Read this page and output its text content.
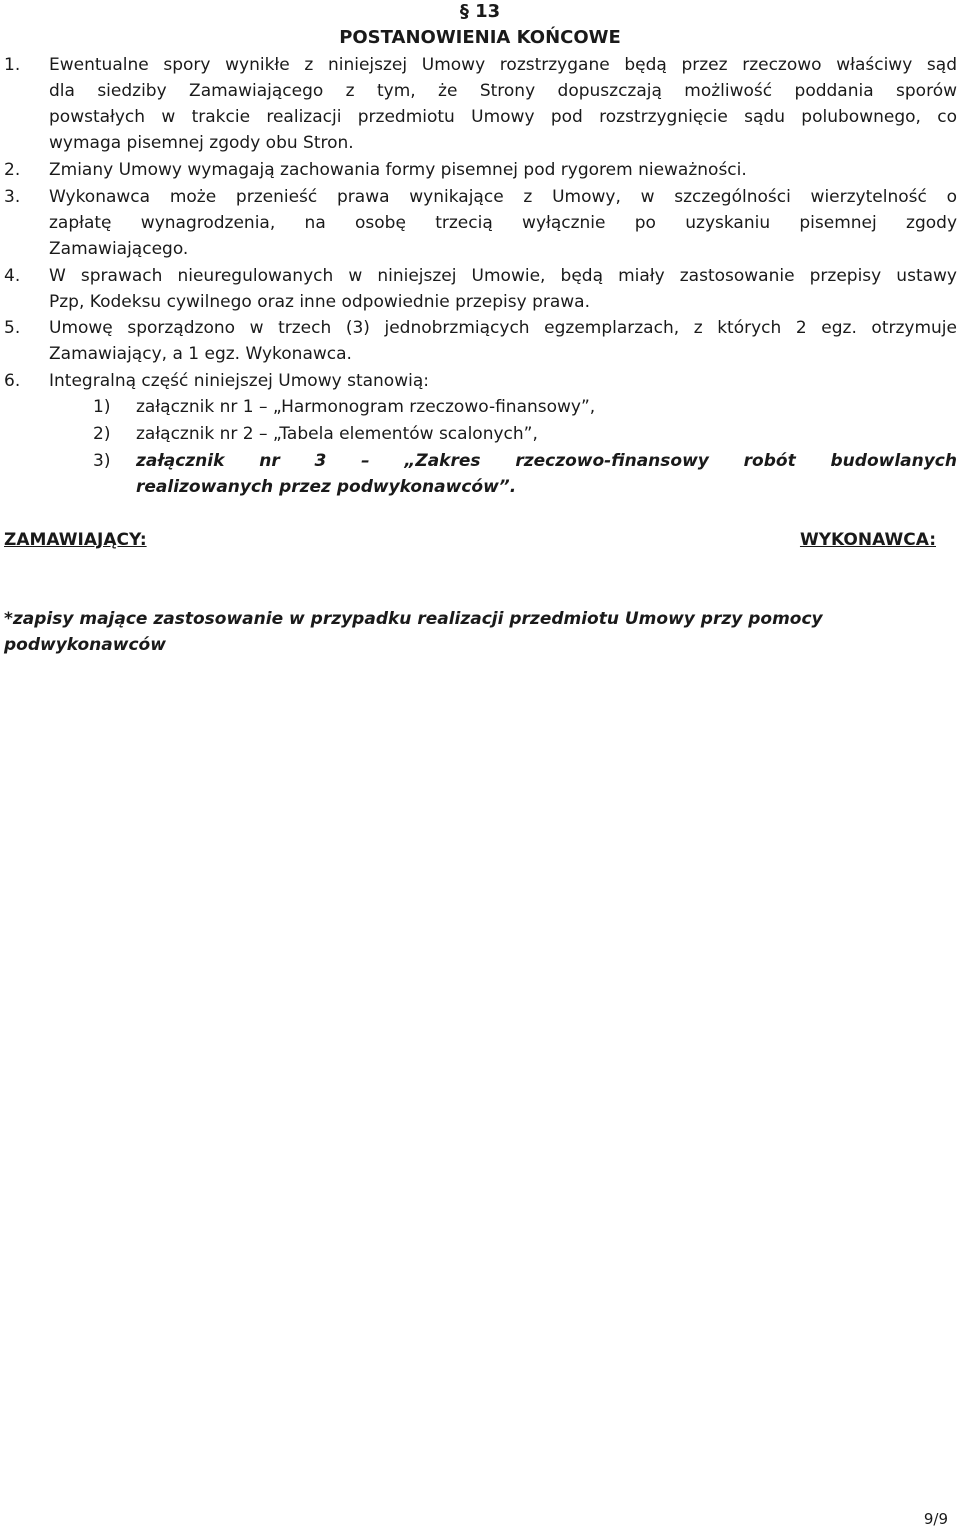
§ 13
POSTANOWIENIA KOŃCOWE
1. Ewentualne spory wynikłe z niniejszej Umowy rozstrzygane będą przez rzeczowo właściwy sąd
dla siedziby Zamawiającego z tym, że Strony dopuszczają możliwość poddania sporów
powstałych w trakcie realizacji przedmiotu Umowy pod rozstrzygnięcie sądu polubownego, co
wymaga pisemnej zgody obu Stron.
2. Zmiany Umowy wymagają zachowania formy pisemnej pod rygorem nieważności.
3. Wykonawca może przenieść prawa wynikające z Umowy, w szczególności wierzytelność o
zapłatę wynagrodzenia, na osobę trzecią wyłącznie po uzyskaniu pisemnej zgody
Zamawiającego.
4. W sprawach nieuregulowanych w niniejszej Umowie, będą miały zastosowanie przepisy ustawy
Pzp, Kodeksu cywilnego oraz inne odpowiednie przepisy prawa.
5. Umowę sporządzono w trzech (3) jednobrzmiących egzemplarzach, z których 2 egz. otrzymuje
Zamawiający, a 1 egz. Wykonawca.
6. Integralną część niniejszej Umowy stanowią:
1) załącznik nr 1 – „Harmonogram rzeczowo-finansowy”,
2) załącznik nr 2 – „Tabela elementów scalonych”,
3) załącznik nr 3 – „Zakres rzeczowo-finansowy robót budowlanych
realizowanych przez podwykonawców”.
ZAMAWIAJĄCY:	WYKONAWCA:
*zapisy mające zastosowanie w przypadku realizacji przedmiotu Umowy przy pomocy podwykonawców
9/9
